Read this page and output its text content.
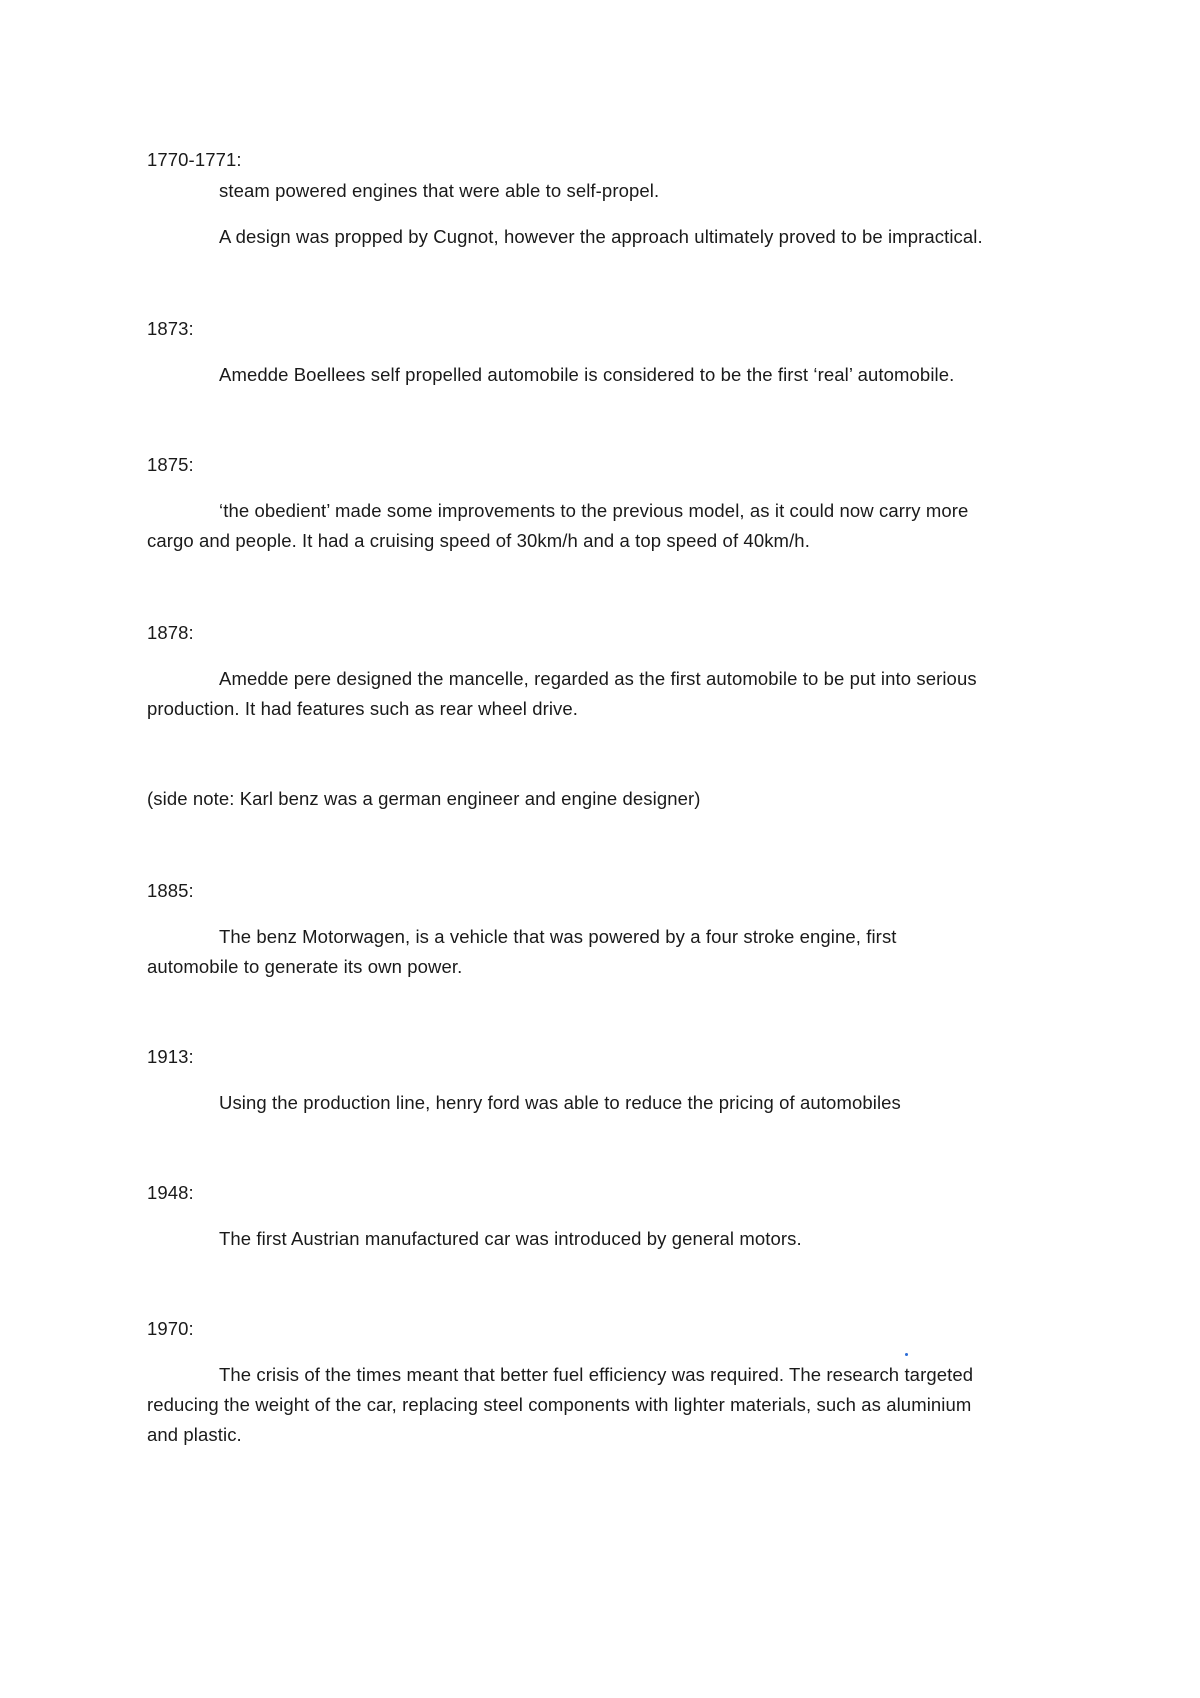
1770-1771:
steam powered engines that were able to self-propel.
A design was propped by Cugnot, however the approach ultimately proved to be impractical.
1873:
Amedde Boellees self propelled automobile is considered to be the first ‘real’ automobile.
1875:
‘the obedient’ made some improvements to the previous model, as it could now carry more
cargo and people. It had a cruising speed of 30km/h and a top speed of 40km/h.
1878:
Amedde pere designed the mancelle, regarded as the first automobile to be put into serious
production. It had features such as rear wheel drive.
(side note: Karl benz was a german engineer and engine designer)
1885:
The benz Motorwagen, is a vehicle that was powered by a four stroke engine, first
automobile to generate its own power.
1913:
Using the production line, henry ford was able to reduce the pricing of automobiles
1948:
The first Austrian manufactured car was introduced by general motors.
1970:
The crisis of the times meant that better fuel efficiency was required. The research targeted
reducing the weight of the car, replacing steel components with lighter materials, such as aluminium
and plastic.
